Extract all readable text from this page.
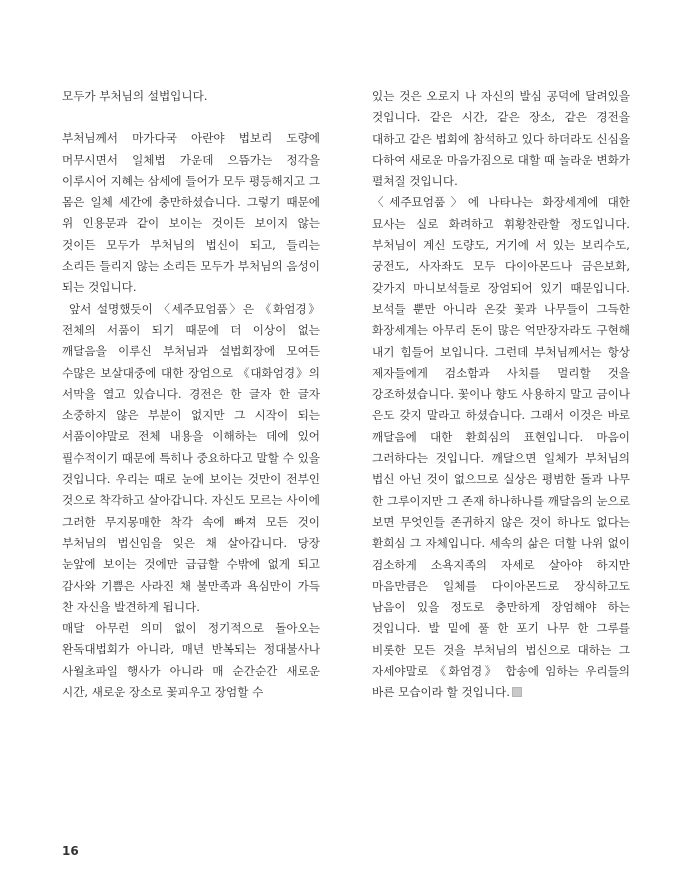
모두가 부처님의 설법입니다.

부처님께서 마가다국 아란야 법보리 도량에 머무시면서 일체법 가운데 으뜸가는 정각을 이루시어 지혜는 삼세에 들어가 모두 평등해지고 그 몸은 일체 세간에 충만하셨습니다. 그렇기 때문에 위 인용문과 같이 보이는 것이든 보이지 않는 것이든 모두가 부처님의 법신이 되고, 들리는 소리든 들리지 않는 소리든 모두가 부처님의 음성이 되는 것입니다.

앞서 설명했듯이 〈세주묘엄품〉은 《화엄경》 전체의 서품이 되기 때문에 더 이상이 없는 깨달음을 이루신 부처님과 설법회장에 모여든 수많은 보살대중에 대한 장엄으로 《대화엄경》의 서막을 열고 있습니다. 경전은 한 글자 한 글자 소중하지 않은 부분이 없지만 그 시작이 되는 서품이야말로 전체 내용을 이해하는 데에 있어 필수적이기 때문에 특히나 중요하다고 말할 수 있을 것입니다. 우리는 때로 눈에 보이는 것만이 전부인 것으로 착각하고 살아갑니다. 자신도 모르는 사이에 그러한 무지몽매한 착각 속에 빠져 모든 것이 부처님의 법신임을 잊은 채 살아갑니다. 당장 눈앞에 보이는 것에만 급급할 수밖에 없게 되고 감사와 기쁨은 사라진 채 불만족과 욕심만이 가득 찬 자신을 발견하게 됩니다.

매달 아무런 의미 없이 정기적으로 돌아오는 완독대법회가 아니라, 매년 반복되는 정대불사나 사월초파일 행사가 아니라 매 순간순간 새로운 시간, 새로운 장소로 꽃피우고 장엄할 수

있는 것은 오로지 나 자신의 발심 공덕에 달려있을 것입니다. 같은 시간, 같은 장소, 같은 경전을 대하고 같은 법회에 참석하고 있다 하더라도 신심을 다하여 새로운 마음가짐으로 대할 때 놀라운 변화가 펼쳐질 것입니다.

〈세주묘엄품〉에 나타나는 화장세계에 대한 묘사는 실로 화려하고 휘황찬란할 정도입니다. 부처님이 계신 도량도, 거기에 서 있는 보리수도, 궁전도, 사자좌도 모두 다이아몬드나 금은보화, 갖가지 마니보석들로 장엄되어 있기 때문입니다. 보석들 뿐만 아니라 온갖 꽃과 나무들이 그득한 화장세계는 아무리 돈이 많은 억만장자라도 구현해 내기 힘들어 보입니다. 그런데 부처님께서는 항상 제자들에게 검소함과 사치를 멀리할 것을 강조하셨습니다. 꽃이나 향도 사용하지 말고 금이나 은도 갖지 말라고 하셨습니다. 그래서 이것은 바로 깨달음에 대한 환희심의 표현입니다. 마음이 그러하다는 것입니다. 깨달으면 일체가 부처님의 법신 아닌 것이 없으므로 실상은 평범한 돌과 나무 한 그루이지만 그 존재 하나하나를 깨달음의 눈으로 보면 무엇인들 존귀하지 않은 것이 하나도 없다는 환희심 그 자체입니다. 세속의 삶은 더할 나위 없이 검소하게 소욕지족의 자세로 살아야 하지만 마음만큼은 일체를 다이아몬드로 장식하고도 남음이 있을 정도로 충만하게 장엄해야 하는 것입니다. 발 밑에 풀 한 포기 나무 한 그루를 비롯한 모든 것을 부처님의 법신으로 대하는 그 자세야말로 《화엄경》 합송에 임하는 우리들의 바른 모습이라 할 것입니다.

16
